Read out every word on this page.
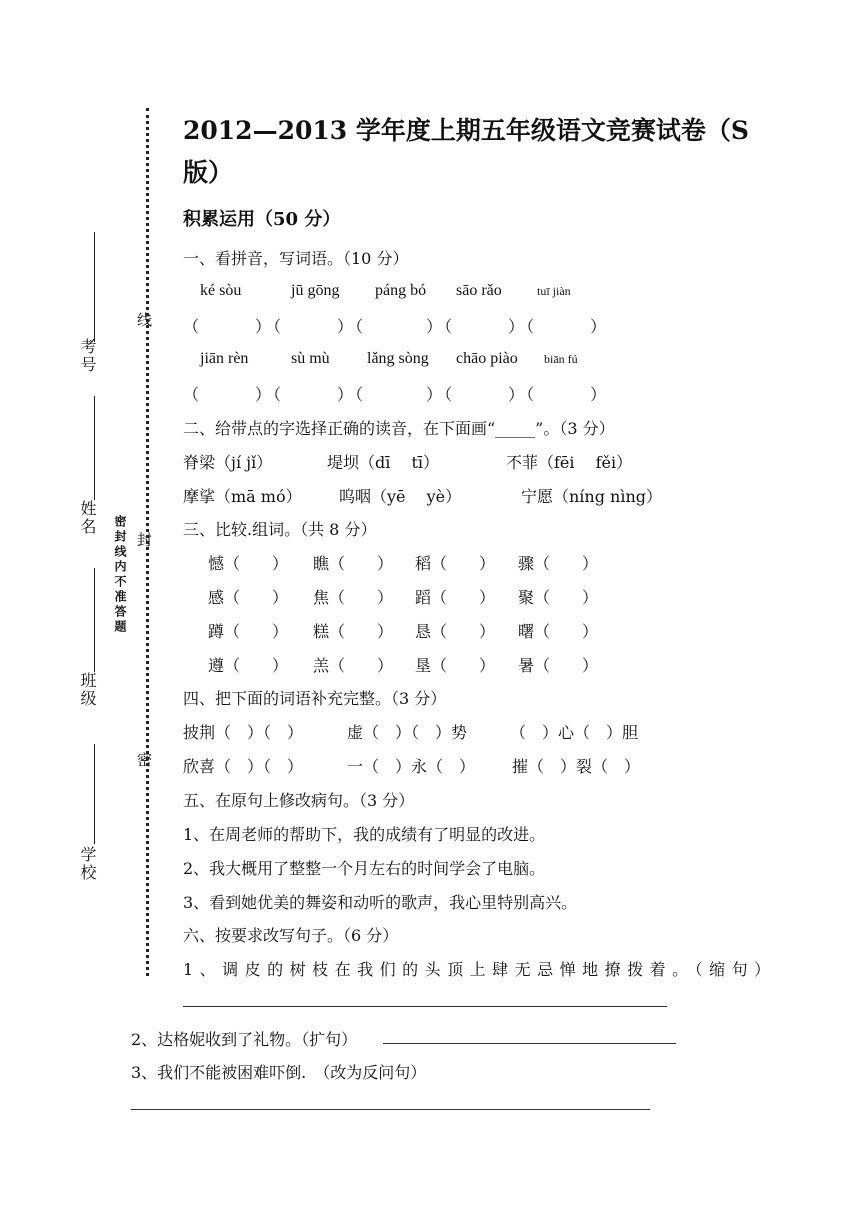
考号
姓名
班级
学校
线
封
密
密封线内不准答题
2012—2013 学年度上期五年级语文竞赛试卷（S
版）
积累运用（50 分）
一、看拼音，写词语。（10 分）
ké sòu	jū gōng páng bó sāo rǎo	tuī jiàn
（　　　）（　　　）（　　　 ）（　　　）（　　　）
jiān rèn	sù mù lǎng sòng chāo piào biān fú
（　　　）（　　　）（　　　 ）（　　　）（　　　）
二、给带点的字选择正确的读音，在下面画“_____”。（3 分）
脊梁（jí jǐ）	堤坝（dī　 tī）	不菲（fēi　 fěi）
摩挲（mā mó） 呜咽（yē　 yè）	宁愿（níng nìng）
三、比较.组词。（共 8 分）
憾（　　） 瞧（　　） 稻（　　） 骤（　　）
感（　　） 焦（　　） 蹈（　　） 聚（　　）
蹲（　　） 糕（　　） 恳（　　） 曙（　　）
遵（　　） 羔（　　） 垦（　　） 暑（　　）
四、把下面的词语补充完整。（3 分）
披荆（　）（　）	虚（　）（　）势	（　）心（　）胆
欣喜（　）（　）	一（　）永（　） 摧（　）裂（　）
五、在原句上修改病句。（3 分）
1、在周老师的帮助下，我的成绩有了明显的改进。
2、我大概用了整整一个月左右的时间学会了电脑。
3、看到她优美的舞姿和动听的歌声，我心里特别高兴。
六、按要求改写句子。（6 分）
1、调皮的树枝在我们的头顶上肆无忌惮地撩拨着。（缩句）
2、达格妮收到了礼物。（扩句）
3、我们不能被困难吓倒.　（改为反问句）
